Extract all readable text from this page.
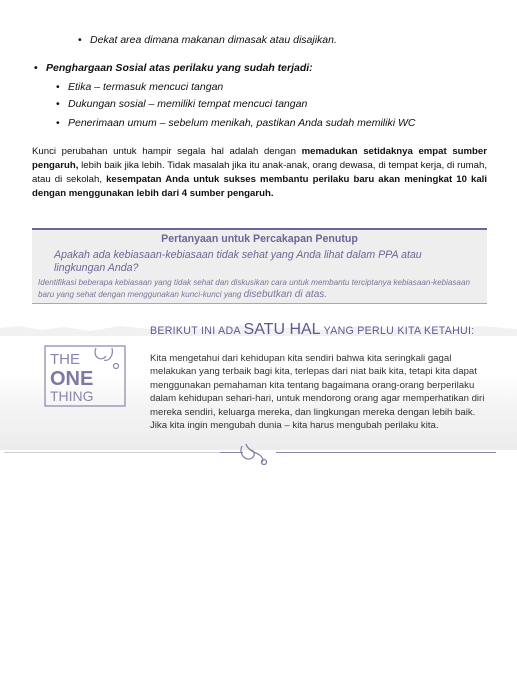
• Dekat area dimana makanan dimasak atau disajikan.
• Penghargaan Sosial atas perilaku yang sudah terjadi:
• Etika – termasuk mencuci tangan
• Dukungan sosial – memiliki tempat mencuci tangan
• Penerimaan umum – sebelum menikah, pastikan Anda sudah memiliki WC
Kunci perubahan untuk hampir segala hal adalah dengan memadukan setidaknya empat sumber pengaruh, lebih baik jika lebih. Tidak masalah jika itu anak-anak, orang dewasa, di tempat kerja, di rumah, atau di sekolah, kesempatan Anda untuk sukses membantu perilaku baru akan meningkat 10 kali dengan menggunakan lebih dari 4 sumber pengaruh.
Pertanyaan untuk Percakapan Penutup
Apakah ada kebiasaan-kebiasaan tidak sehat yang Anda lihat dalam PPA atau lingkungan Anda?
Identifikasi beberapa kebiasaan yang tidak sehat dan diskusikan cara untuk membantu terciptanya kebiasaan-kebiasaan baru yang sehat dengan menggunakan kunci-kunci yang disebutkan di atas.
THE
ONE
THING
BERIKUT INI ADA SATU HAL YANG PERLU KITA KETAHUI:
Kita mengetahui dari kehidupan kita sendiri bahwa kita seringkali gagal melakukan yang terbaik bagi kita, terlepas dari niat baik kita, tetapi kita dapat menggunakan pemahaman kita tentang bagaimana orang-orang berperilaku dalam kehidupan sehari-hari, untuk mendorong orang agar memperhatikan diri mereka sendiri, keluarga mereka, dan lingkungan mereka dengan lebih baik. Jika kita ingin mengubah dunia – kita harus mengubah perilaku kita.
